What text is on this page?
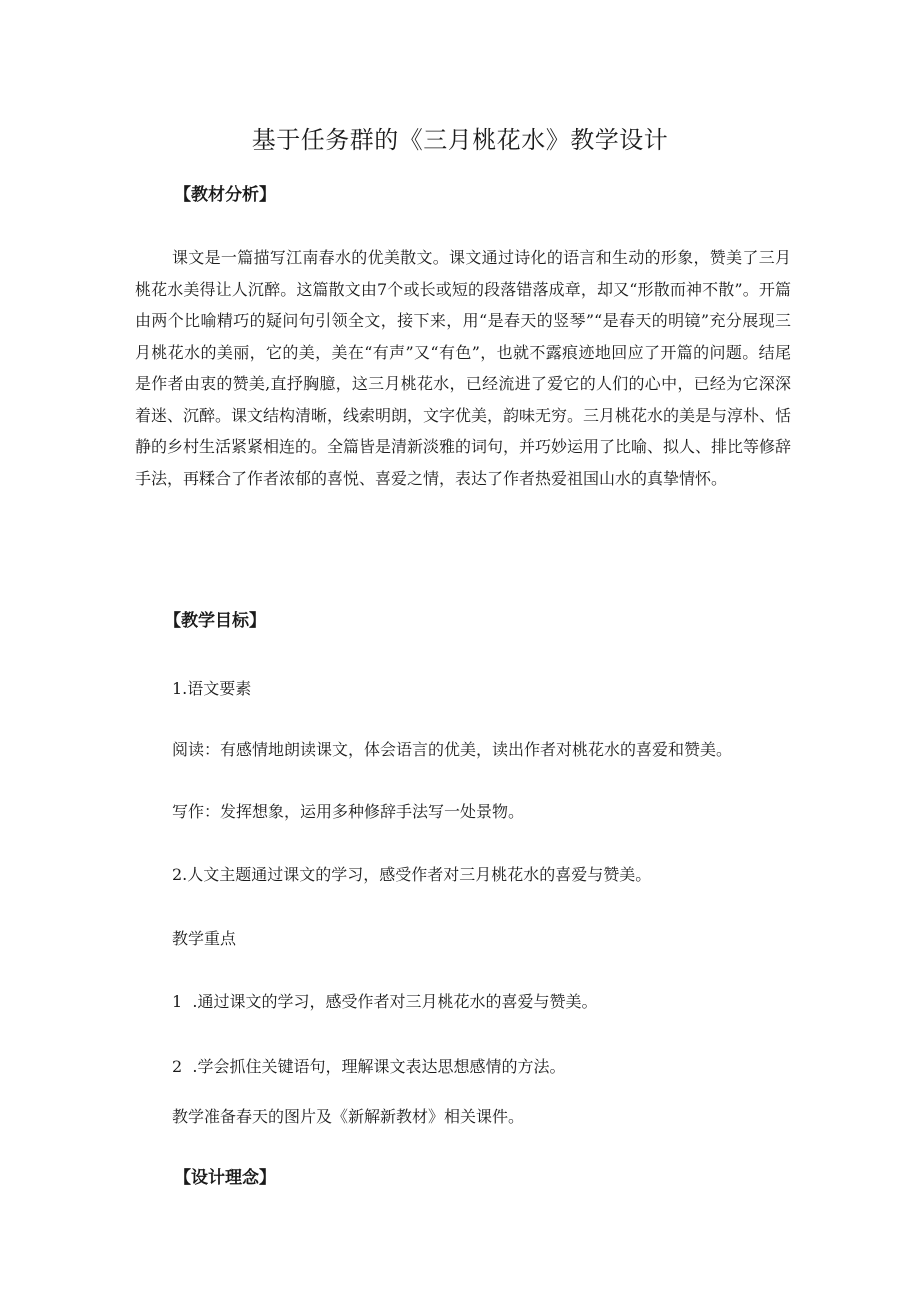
基于任务群的《三月桃花水》教学设计
【教材分析】

课文是一篇描写江南春水的优美散文。课文通过诗化的语言和生动的形象，赞美了三月桃花水美得让人沉醉。这篇散文由7个或长或短的段落错落成章，却又“形散而神不散”。开篇由两个比喻精巧的疑问句引领全文，接下来，用“是春天的竖琴”“是春天的明镜”充分展现三月桃花水的美丽，它的美，美在“有声”又“有色”，也就不露痕迹地回应了开篇的问题。结尾是作者由衷的赞美,直抒胸臆，这三月桃花水，已经流进了爱它的人们的心中，已经为它深深着迷、沉醉。课文结构清晰，线索明朗，文字优美，韵味无穷。三月桃花水的美是与淳朴、恬静的乡村生活紧紧相连的。全篇皆是清新淡雅的词句，并巧妙运用了比喻、拟人、排比等修辞手法，再糅合了作者浓郁的喜悦、喜爱之情，表达了作者热爱祖国山水的真挚情怀。

【教学目标】
1.语文要素
阅读：有感情地朗读课文，体会语言的优美，读出作者对桃花水的喜爱和赞美。
写作：发挥想象，运用多种修辞手法写一处景物。
2.人文主题通过课文的学习，感受作者对三月桃花水的喜爱与赞美。
教学重点
1  .通过课文的学习，感受作者对三月桃花水的喜爱与赞美。
2  .学会抓住关键语句，理解课文表达思想感情的方法。
教学准备春天的图片及《新解新教材》相关课件。
【设计理念】
